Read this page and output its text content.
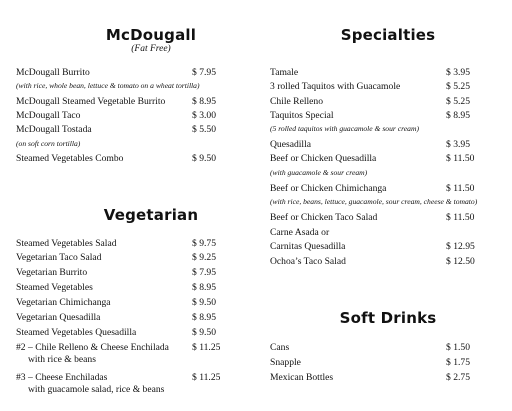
McDougall
(Fat Free)
McDougall Burrito	$ 7.95
(with rice, whole bean, lettuce & tomato on a wheat tortilla)
McDougall Steamed Vegetable Burrito	$ 8.95
McDougall Taco	$ 3.00
McDougall Tostada	$ 5.50
(on soft corn tortilla)
Steamed Vegetables Combo	$ 9.50
Vegetarian
Steamed Vegetables Salad	$ 9.75
Vegetarian Taco Salad	$ 9.25
Vegetarian Burrito	$ 7.95
Steamed Vegetables	$ 8.95
Vegetarian Chimichanga	$ 9.50
Vegetarian Quesadilla	$ 8.95
Steamed Vegetables Quesadilla	$ 9.50
#2 – Chile Relleno & Cheese Enchilada $ 11.25
with rice & beans
#3 – Cheese Enchiladas	$ 11.25
with guacamole salad, rice & beans
Specialties
Tamale	$ 3.95
3 rolled Taquitos with Guacamole	$ 5.25
Chile Relleno	$ 5.25
Taquitos Special	$ 8.95
(5 rolled taquitos with guacamole & sour cream)
Quesadilla	$ 3.95
Beef or Chicken Quesadilla	$ 11.50
(with guacamole & sour cream)
Beef or Chicken Chimichanga	$ 11.50
(with rice, beans, lettuce, guacamole, sour cream, cheese & tomato)
Beef or Chicken Taco Salad	$ 11.50
Carne Asada or
Carnitas Quesadilla	$ 12.95
Ochoa’s Taco Salad	$ 12.50
Soft Drinks
Cans	$ 1.50
Snapple	$ 1.75
Mexican Bottles	$ 2.75
